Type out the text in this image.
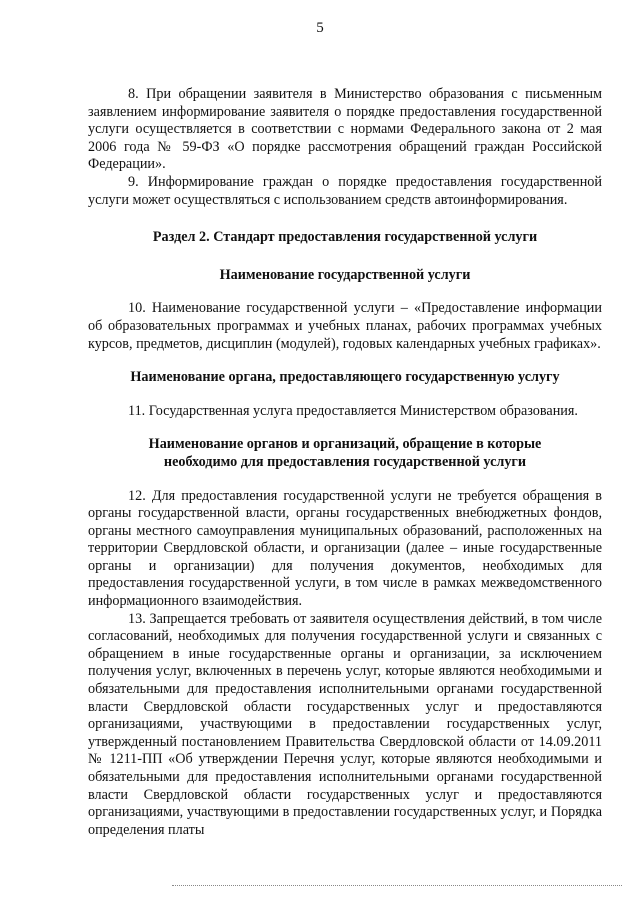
5

8. При обращении заявителя в Министерство образования с письменным заявлением информирование заявителя о порядке предоставления государственной услуги осуществляется в соответствии с нормами Федерального закона от 2 мая 2006 года № 59-ФЗ «О порядке рассмотрения обращений граждан Российской Федерации».

9. Информирование граждан о порядке предоставления государственной услуги может осуществляться с использованием средств автоинформирования.

Раздел 2. Стандарт предоставления государственной услуги
Наименование государственной услуги

10. Наименование государственной услуги – «Предоставление информации об образовательных программах и учебных планах, рабочих программах учебных курсов, предметов, дисциплин (модулей), годовых календарных учебных графиках».

Наименование органа, предоставляющего государственную услугу

11. Государственная услуга предоставляется Министерством образования.

Наименование органов и организаций, обращение в которые
необходимо для предоставления государственной услуги

12. Для предоставления государственной услуги не требуется обращения в органы государственной власти, органы государственных внебюджетных фондов, органы местного самоуправления муниципальных образований, расположенных на территории Свердловской области, и организации (далее – иные государственные органы и организации) для получения документов, необходимых для предоставления государственной услуги, в том числе в рамках межведомственного информационного взаимодействия.

13. Запрещается требовать от заявителя осуществления действий, в том числе согласований, необходимых для получения государственной услуги и связанных с обращением в иные государственные органы и организации, за исключением получения услуг, включенных в перечень услуг, которые являются необходимыми и обязательными для предоставления исполнительными органами государственной власти Свердловской области государственных услуг и предоставляются организациями, участвующими в предоставлении государственных услуг, утвержденный постановлением Правительства Свердловской области от 14.09.2011 № 1211-ПП «Об утверждении Перечня услуг, которые являются необходимыми и обязательными для предоставления исполнительными органами государственной власти Свердловской области государственных услуг и предоставляются организациями, участвующими в предоставлении государственных услуг, и Порядка определения платы
